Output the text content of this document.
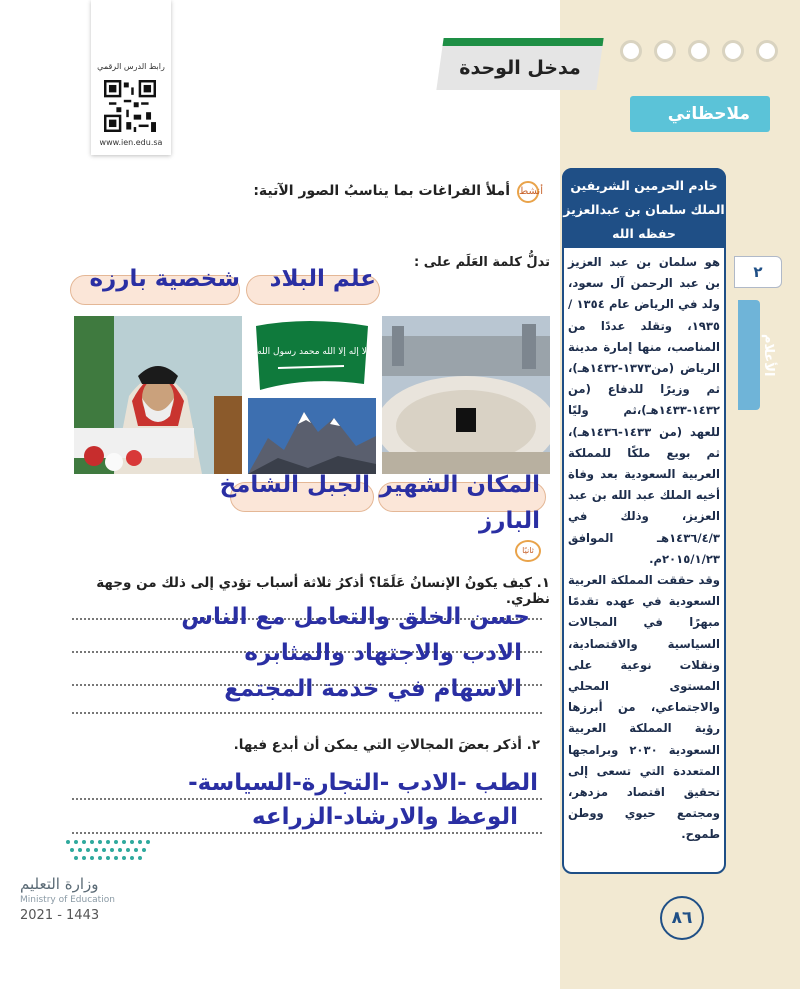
مدخل الوحدة
ملاحظاتي
رابط الدرس الرقمي
www.ien.edu.sa
أنشط
أملأ الفراغات بما يناسبُ الصور الآتية:
تدلُّ كلمة العَلَم على :
شخصية بارزه	علم البلاد
لا إله إلا الله محمد رسول الله
المكان الشهير
الجبل الشامخ
البارز
ثانيًا
١. كيف يكونُ الإنسانُ عَلَمًا؟ أذكرُ ثلاثة أسباب تؤدي إلى ذلك من وجهة نظري.
حسن الخلق والتعامل مع الناس
الادب والاجتهاد والمثابره
الاسهام في خدمة المجتمع
٢. أذكر بعضَ المجالاتِ التي يمكن أن أبدع فيها.
الطب -الادب -التجارة-السياسة-
الوعظ والارشاد-الزراعه
خادم الحرمين الشريفين
الملك سلمان بن عبدالعزيز
حفظه الله
هو سلمان بن عبد العزيز بن عبد الرحمن آل سعود، ولد في الرياض عام ١٣٥٤ / ١٩٣٥، وتقلد عددًا من المناصب، منها إمارة مدينة الرياض (من١٣٧٣-١٤٣٢هـ)، ثم وزيرًا للدفاع (من ١٤٣٢-١٤٣٣هـ)،ثم وليًا للعهد (من ١٤٣٣-١٤٣٦هـ)، ثم بويع ملكًا للمملكة العربية السعودية بعد وفاة أخيه الملك عبد الله بن عبد العزيز، وذلك في ١٤٣٦/٤/٣هـ الموافق ٢٠١٥/١/٢٣م.
وقد حققت المملكة العربية السعودية في عهده تقدمًا مبهرًا في المجالات السياسية والاقتصادية، ونقلات نوعية على المستوى المحلي والاجتماعي، من أبرزها رؤية المملكة العربية السعودية ٢٠٣٠ وبرامجها المتعددة التي تسعى إلى تحقيق اقتصاد مزدهر، ومجتمع حيوي ووطن طموح.
٢
الأعلام
٨٦
وزارة التعليم
Ministry of Education
2021 - 1443
